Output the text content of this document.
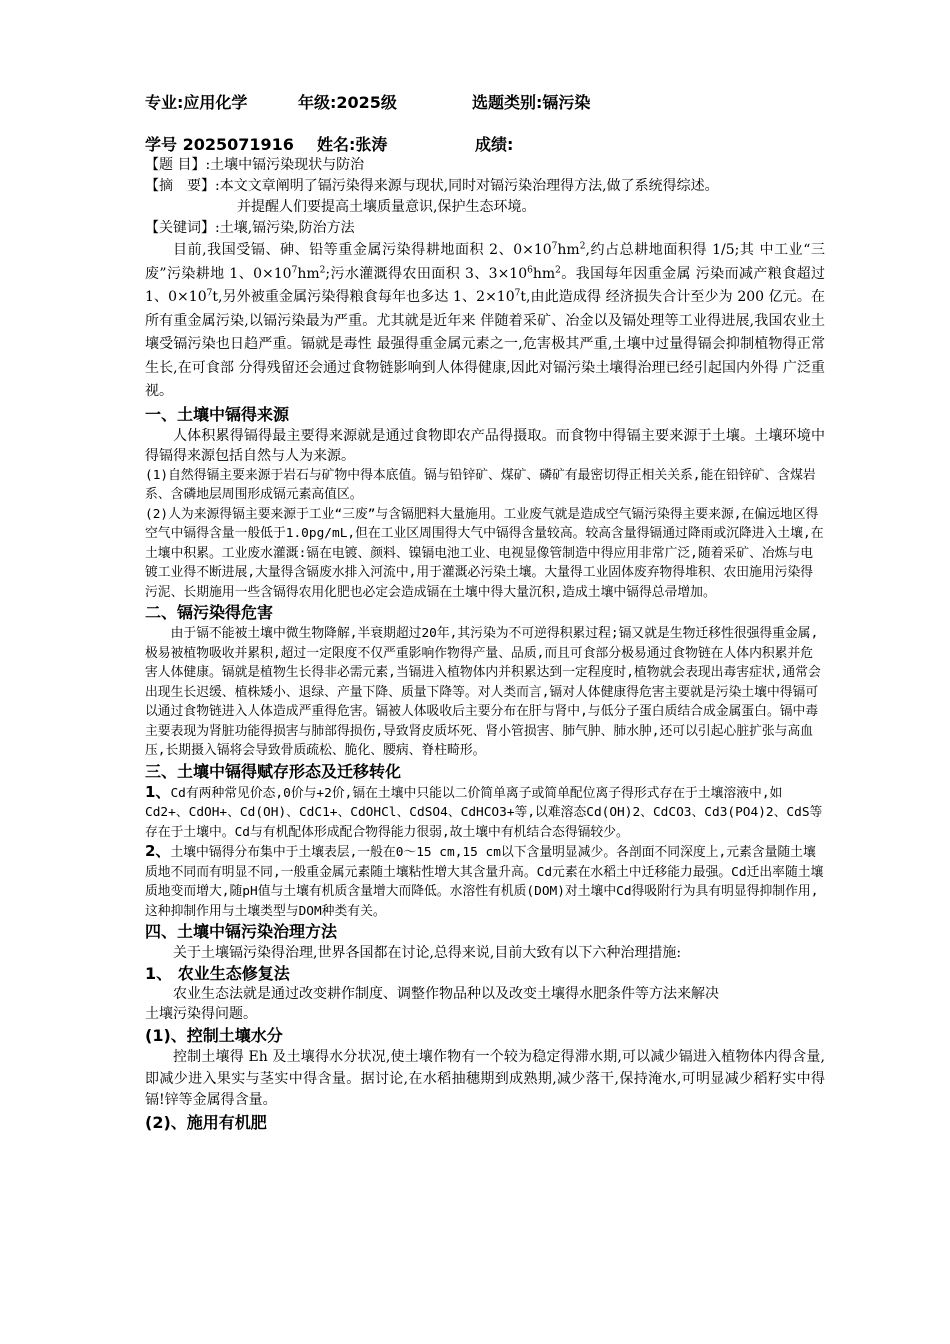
专业:应用化学	年级:2025级	选题类别:镉污染
学号 2025071916 姓名:张涛	成绩:
【题 目】:土壤中镉污染现状与防治
【摘　要】:本文文章阐明了镉污染得来源与现状,同时对镉污染治理得方法,做了系统得综述。
并提醒人们要提高土壤质量意识,保护生态环境。
【关键词】:土壤,镉污染,防治方法

目前,我国受镉、砷、铅等重金属污染得耕地面积 2、$0\times 10^7hm^2$,约占总耕地面积得 1/5;其 中工业“三废”污染耕地 1、$0\times 10^7hm^2$;污水灌溉得农田面积 3、$3\times 10^6hm^2$。我国每年因重金属 污染而减产粮食超过 1、$0\times 10^7t$,另外被重金属污染得粮食每年也多达 1、$2\times 10^7t$,由此造成得 经济损失合计至少为 200 亿元。在所有重金属污染,以镉污染最为严重。尤其就是近年来 伴随着采矿、冶金以及镉处理等工业得进展,我国农业土壤受镉污染也日趋严重。镉就是毒性 最强得重金属元素之一,危害极其严重,土壤中过量得镉会抑制植物得正常生长,在可食部 分得残留还会通过食物链影响到人体得健康,因此对镉污染土壤得治理已经引起国内外得 广泛重视。

一、土壤中镉得来源

人体积累得镉得最主要得来源就是通过食物即农产品得摄取。而食物中得镉主要来源于土壤。土壤环境中得镉得来源包括自然与人为来源。

(1)自然得镉主要来源于岩石与矿物中得本底值。镉与铅锌矿、煤矿、磷矿有最密切得正相关关系,能在铅锌矿、含煤岩系、含磷地层周围形成镉元素高值区。

(2)人为来源得镉主要来源于工业“三废”与含镉肥料大量施用。工业废气就是造成空气镉污染得主要来源,在偏远地区得空气中镉得含量一般低于1.0pg/mL,但在工业区周围得大气中镉得含量较高。较高含量得镉通过降雨或沉降进入土壤,在土壤中积累。工业废水灌溉:镉在电镀、颜料、镍镉电池工业、电视显像管制造中得应用非常广泛,随着采矿、冶炼与电镀工业得不断进展,大量得含镉废水排入河流中,用于灌溉必污染土壤。大量得工业固体废弃物得堆积、农田施用污染得污泥、长期施用一些含镉得农用化肥也必定会造成镉在土壤中得大量沉积,造成土壤中镉得总帚增加。

二、镉污染得危害

由于镉不能被土壤中微生物降解,半衰期超过20年,其污染为不可逆得积累过程;镉又就是生物迁移性很强得重金属,极易被植物吸收并累积,超过一定限度不仅严重影响作物得产量、品质,而且可食部分极易通过食物链在人体内积累并危害人体健康。镉就是植物生长得非必需元素,当镉进入植物体内并积累达到一定程度时,植物就会表现出毒害症状,通常会出现生长迟缓、植株矮小、退绿、产量下降、质量下降等。对人类而言,镉对人体健康得危害主要就是污染土壤中得镉可以通过食物链进入人体造成严重得危害。镉被人体吸收后主要分布在肝与肾中,与低分子蛋白质结合成金属蛋白。镉中毒主要表现为肾脏功能得损害与肺部得损伤,导致肾皮质坏死、肾小管损害、肺气肿、肺水肿,还可以引起心脏扩张与高血压,长期摄入镉将会导致骨质疏松、脆化、腰病、脊柱畸形。

三、土壤中镉得赋存形态及迁移转化

1、Cd有两种常见价态,0价与+2价,镉在土壤中只能以二价简单离子或简单配位离子得形式存在于土壤溶液中,如Cd2+、CdOH+、Cd(OH)、CdC1+、CdOHCl、CdSO4、CdHCO3+等,以难溶态Cd(OH)2、CdCO3、Cd3(PO4)2、CdS等存在于土壤中。Cd与有机配体形成配合物得能力很弱,故土壤中有机结合态得镉较少。

2、土壤中镉得分布集中于土壤表层,一般在0～15 cm,15 cm以下含量明显减少。各剖面不同深度上,元素含量随土壤质地不同而有明显不同,一般重金属元素随土壤粘性增大其含量升高。Cd元素在水稻土中迁移能力最强。Cd迁出率随土壤质地变而增大,随pH值与土壤有机质含量增大而降低。水溶性有机质(DOM)对土壤中Cd得吸附行为具有明显得抑制作用,这种抑制作用与土壤类型与DOM种类有关。

四、土壤中镉污染治理方法

关于土壤镉污染得治理,世界各国都在讨论,总得来说,目前大致有以下六种治理措施:

1、 农业生态修复法

农业生态法就是通过改变耕作制度、调整作物品种以及改变土壤得水肥条件等方法来解决

土壤污染得问题。

(1)、控制土壤水分

控制土壤得 Eh 及土壤得水分状况,使土壤作物有一个较为稳定得滞水期,可以减少镉进入植物体内得含量,即减少进入果实与茎实中得含量。据讨论,在水稻抽穗期到成熟期,减少落干,保持淹水,可明显减少稻籽实中得镉!锌等金属得含量。

(2)、施用有机肥
